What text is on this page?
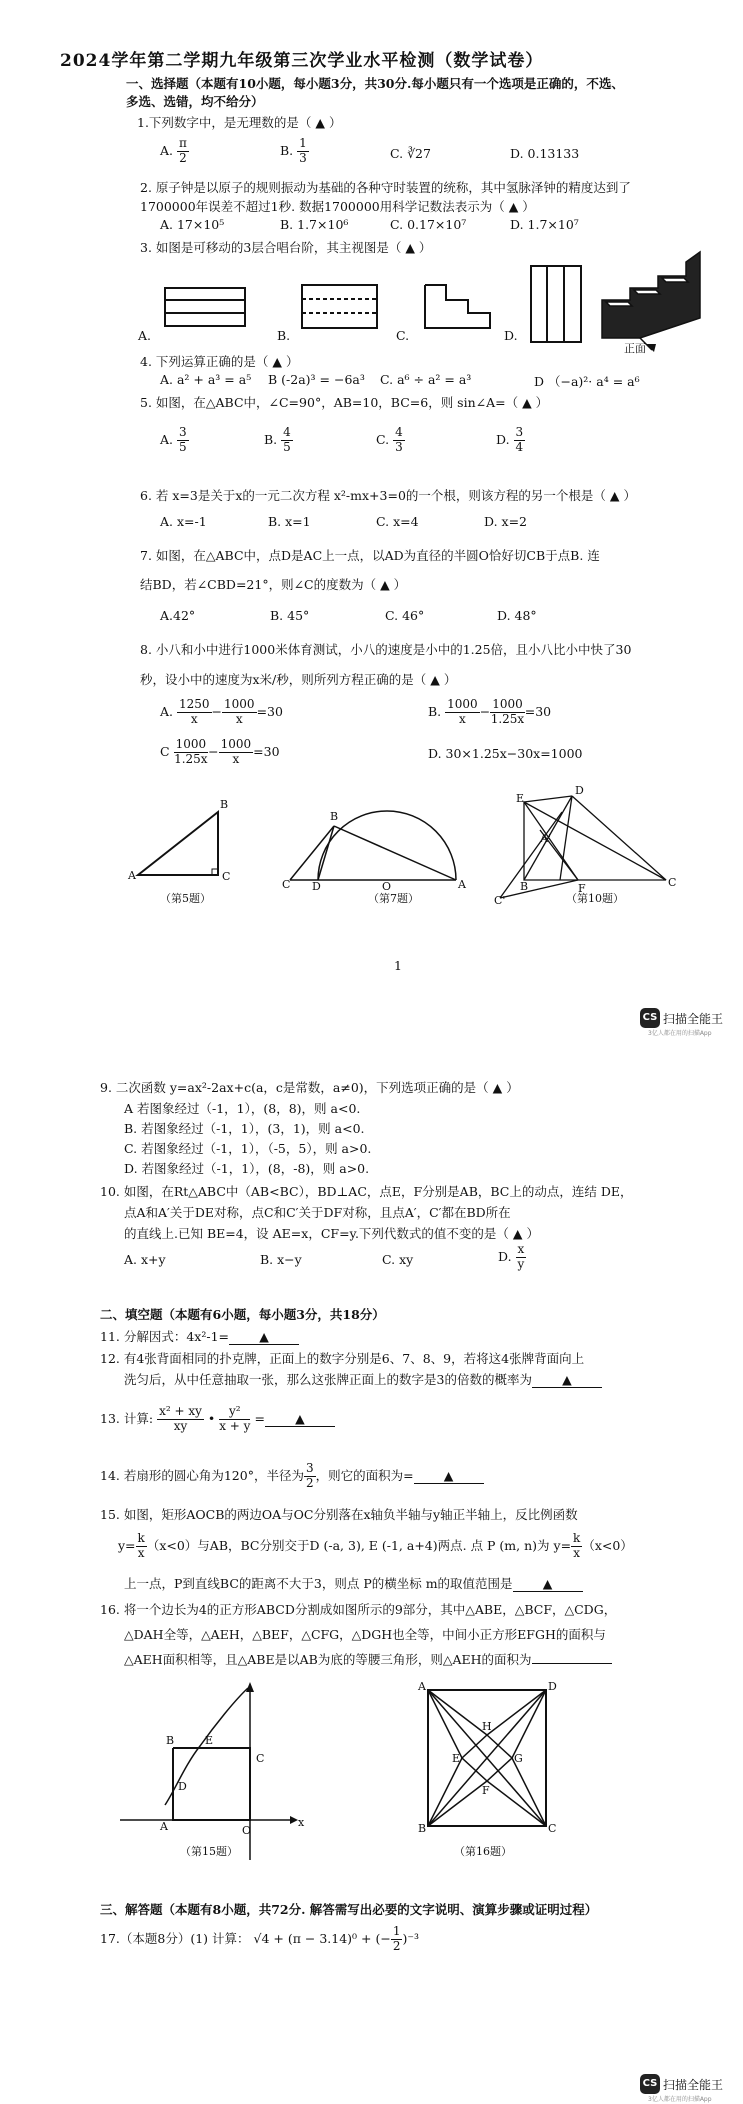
2024学年第二学期九年级第三次学业水平检测（数学试卷）
一、选择题（本题有10小题，每小题3分，共30分.每小题只有一个选项是正确的，不选、
多选、选错，均不给分）
1.下列数字中，是无理数的是（ ▲ ）
A. $\frac{\pi}{2}$	B. $\frac{1}{3}$	C. ∛27	D. 0.13133
2. 原子钟是以原子的规则振动为基础的各种守时装置的统称，其中氢脉泽钟的精度达到了
1700000年误差不超过1秒. 数据1700000用科学记数法表示为（ ▲ ）
A. 17×10⁵	B. 1.7×10⁶	C. 0.17×10⁷	D. 1.7×10⁷
3. 如图是可移动的3层合唱台阶，其主视图是（ ▲ ）
A.	B.	C.	D.
正面
4. 下列运算正确的是（ ▲ ）
A. a² + a³ = a⁵ B (-2a)³ = −6a³ C. a⁶ ÷ a² = a³	D （−a)²· a⁴ = a⁶
5. 如图，在△ABC中，∠C=90°，AB=10，BC=6，则 sin∠A=（ ▲ ）
A. $\frac{3}{5}$	B. $\frac{4}{5}$	C. $\frac{4}{3}$	D. $\frac{3}{4}$
6. 若 x=3是关于x的一元二次方程 x²-mx+3=0的一个根，则该方程的另一个根是（ ▲ ）
A. x=-1	B. x=1	C. x=4	D. x=2
7. 如图，在△ABC中，点D是AC上一点，以AD为直径的半圆O恰好切CB于点B. 连
结BD，若∠CBD=21°，则∠C的度数为（ ▲ ）
A.42°	B. 45°	C. 46°	D. 48°
8. 小八和小中进行1000米体育测试，小八的速度是小中的1.25倍，且小八比小中快了30
秒，设小中的速度为x米/秒，则所列方程正确的是（ ▲ ）
A. $\frac{1250}{x} - \frac{1000}{x} =30$	B. $\frac{1000}{x} - \frac{1000}{1.25x} =30$
C $\frac{1000}{1.25x} - \frac{1000}{x} =30$	D. 30×1.25x−30x=1000
A
B
C
（第5题）
B
C D	O	A
（第7题）
E
D
A'
B	F	C
C'	（第10题）
1
CS 扫描全能王
3亿人都在用的扫描App
9. 二次函数 y=ax²-2ax+c(a，c是常数，a≠0)，下列选项正确的是（ ▲ ）
A 若图象经过（-1，1），(8，8)，则 a<0.
B. 若图象经过（-1，1），(3，1)，则 a<0.
C. 若图象经过（-1，1），（-5，5），则 a>0.
D. 若图象经过（-1，1），(8，-8)，则 a>0.
10. 如图，在Rt△ABC中（AB<BC），BD⊥AC，点E，F分别是AB，BC上的动点，连结 DE，
点A和A′关于DE对称，点C和C′关于DF对称，且点A′，C′都在BD所在
的直线上.已知 BE=4，设 AE=x，CF=y.下列代数式的值不变的是（ ▲ ）
A. x+y	B. x−y	C. xy	D. $\frac{x}{y}$
二、填空题（本题有6小题，每小题3分，共18分）
11. 分解因式：4x²-1= ▲
12. 有4张背面相同的扑克牌，正面上的数字分别是6、7、8、9，若将这4张牌背面向上
洗匀后，从中任意抽取一张，那么这张牌正面上的数字是3的倍数的概率为 ▲
13. 计算: $\frac{\text{x² + xy}}{xy}$ • $\frac{\text{y²}}{x + y}$ = ▲
14. 若扇形的圆心角为120°，半径为 $\frac{3}{2}$ ，则它的面积为= ▲
15. 如图，矩形AOCB的两边OA与OC分别落在x轴负半轴与y轴正半轴上，反比例函数
$y= \frac{k}{x} (x<0)$与AB，BC分别交于D (-a, 3), E (-1, a+4)两点. 点 P (m, n)为 $y= \frac{k}{x} (x<0)$
上一点，P到直线BC的距离不大于3，则点 P的横坐标 m的取值范围是 ▲
16. 将一个边长为4的正方形ABCD分割成如图所示的9部分，其中△ABE，△BCF，△CDG，
△DAH全等，△AEH，△BEF，△CFG，△DGH也全等，中间小正方形EFGH的面积与
△AEH面积相等，且△ABE是以AB为底的等腰三角形，则△AEH的面积为
B	E
C
D
A	O
x
（第15题）
A	D
B	C
E	G
H
F
（第16题）
三、解答题（本题有8小题，共72分. 解答需写出必要的文字说明、演算步骤或证明过程）
17.（本题8分）(1) 计算： √4 + (π − 3.14)⁰ + (− $\frac{1}{2} )^{-3}$
CS 扫描全能王
3亿人都在用的扫描App
